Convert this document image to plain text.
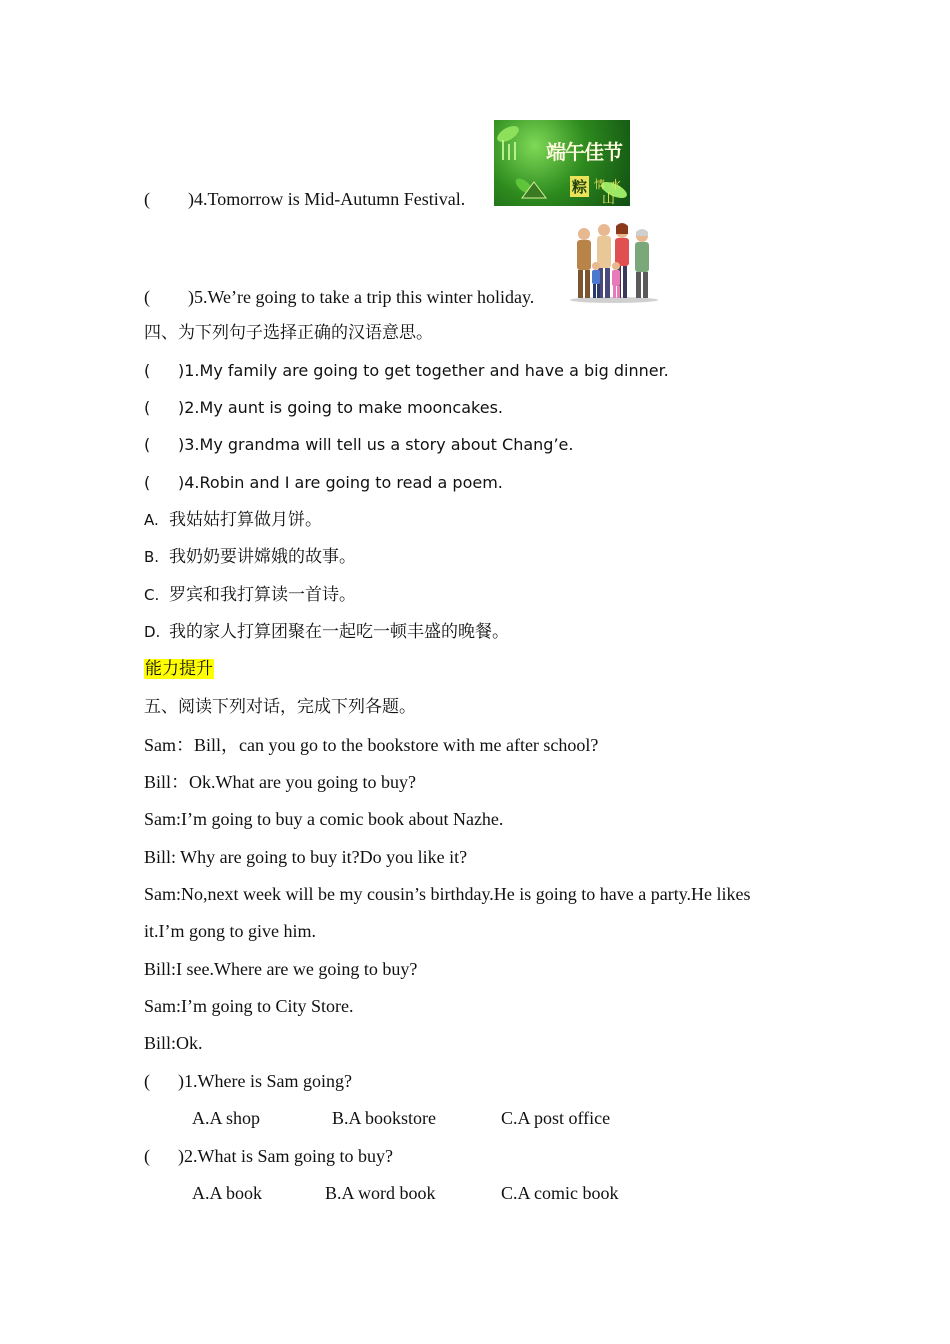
( )4.Tomorrow is Mid-Autumn Festival.
端午佳节
粽 情 水
山
( )5.We’re going to take a trip this winter holiday.
四、为下列句子选择正确的汉语意思。
( )1.My family are going to get together and have a big dinner.
( )2.My aunt is going to make mooncakes.
( )3.My grandma will tell us a story about Chang’e.
( )4.Robin and I are going to read a poem.
A. 我姑姑打算做月饼。
B. 我奶奶要讲嫦娥的故事。
C. 罗宾和我打算读一首诗。
D. 我的家人打算团聚在一起吃一顿丰盛的晚餐。
能力提升
五、阅读下列对话，完成下列各题。
Sam：Bill，can you go to the bookstore with me after school?
Bill：Ok.What are you going to buy?
Sam:I’m going to buy a comic book about Nazhe.
Bill: Why are going to buy it?Do you like it?
Sam:No,next week will be my cousin’s birthday.He is going to have a party.He likes
it.I’m gong to give him.
Bill:I see.Where are we going to buy?
Sam:I’m going to City Store.
Bill:Ok.
( )1.Where is Sam going?
A.A shop	B.A bookstore	C.A post office
( )2.What is Sam going to buy?
A.A book	B.A word book	C.A comic book
